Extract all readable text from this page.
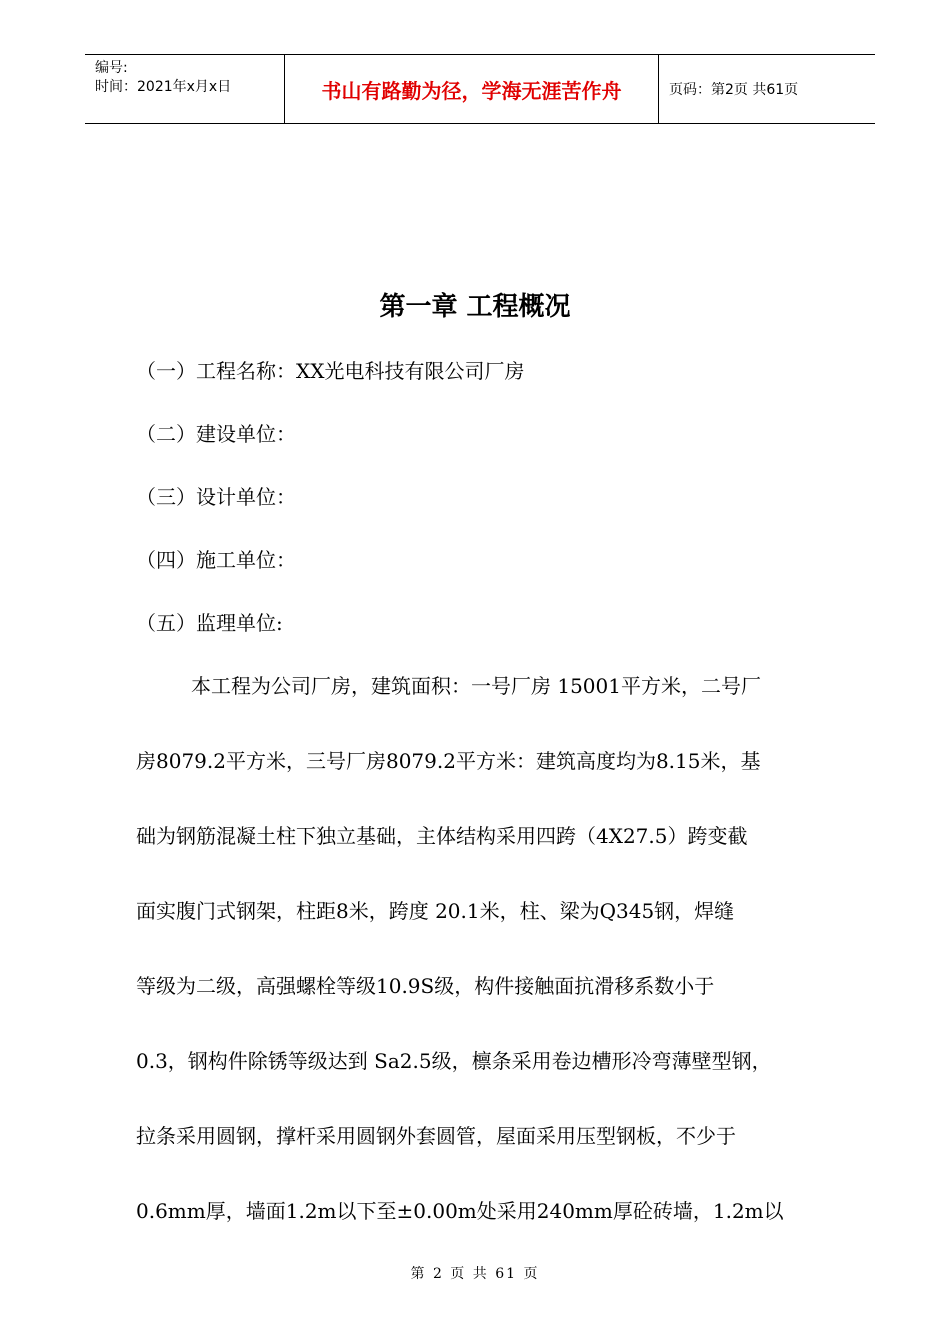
编号:
时间：2021年x月x日	书山有路勤为径，学海无涯苦作舟	页码：第2页 共61页
第一章 工程概况
（一）工程名称：XX光电科技有限公司厂房
（二）建设单位：
（三）设计单位：
（四）施工单位：
（五）监理单位:
本工程为公司厂房，建筑面积：一号厂房 15001平方米，二号厂
房8079.2平方米，三号厂房8079.2平方米：建筑高度均为8.15米，基
础为钢筋混凝土柱下独立基础，主体结构采用四跨（4X27.5）跨变截
面实腹门式钢架，柱距8米，跨度 20.1米，柱、梁为Q345钢，焊缝
等级为二级，高强螺栓等级10.9S级，构件接触面抗滑移系数小于
0.3，钢构件除锈等级达到 Sa2.5级，檩条采用卷边槽形冷弯薄壁型钢，
拉条采用圆钢，撑杆采用圆钢外套圆管，屋面采用压型钢板，不少于
0.6mm厚，墙面1.2m以下至±0.00m处采用240mm厚砼砖墙，1.2m以
第 2 页 共 61 页
